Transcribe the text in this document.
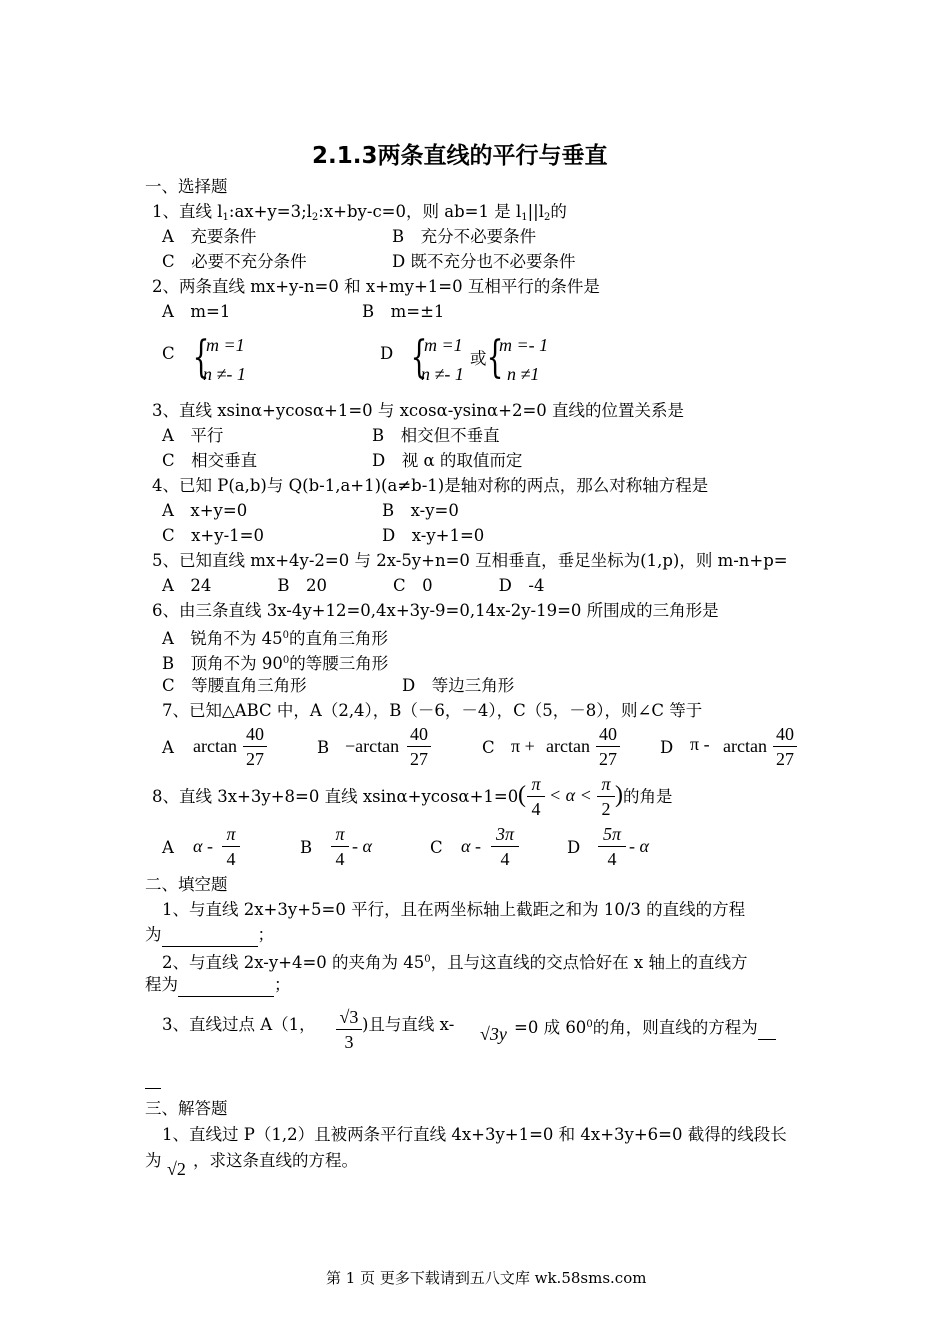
2.1.3两条直线的平行与垂直
一、选择题
1、直线 $l_1:ax+y=3;l_2:x+by-c=0$，则 ab=1 是 $l_1||l_2$的
A　充要条件	B　充分不必要条件
C　必要不充分条件	D 既不充分也不必要条件
2、两条直线 mx+y-n=0 和 x+my+1=0 互相平行的条件是
A　m=1	B　m=±1
C {
m =1
n ≠- 1
D {
m =1
n ≠- 1
或 {
m =- 1
n ≠1
3、直线 xsinα+ycosα+1=0 与 xcosα-ysinα+2=0 直线的位置关系是
A　平行	B　相交但不垂直
C　相交垂直	D　视 α 的取值而定
4、已知 P(a,b)与 Q(b-1,a+1)(a≠b-1)是轴对称的两点，那么对称轴方程是
A　x+y=0	B　x-y=0
C　x+y-1=0	D　x-y+1=0
5、已知直线 mx+4y-2=0 与 2x-5y+n=0 互相垂直，垂足坐标为(1,p)，则 m-n+p=
A　24　　　　B　20　　　　C　0　　　　D　-4
6、由三条直线 3x-4y+12=0,4x+3y-9=0,14x-2y-19=0 所围成的三角形是
A　锐角不为 $45^0$的直角三角形
B　顶角不为 $90^0$的等腰三角形
C　等腰直角三角形	D　等边三角形
7、已知△ABC 中，A（2,4），B（－6，－4），C（5，－8），则∠C 等于
A arctan
40
27
B −arctan
40
27
C π + arctan
40
27
D π - arctan
40
27
8、直线 3x+3y+8=0 直线 xsinα+ycosα+1=0 ( π
4
< α <
π
2
) 的角是
A α -
π
4
B
π
4
- α	C α -
3π
4
D
5π
4
- α
二、填空题
1、与直线 2x+3y+5=0 平行，且在两坐标轴上截距之和为 10/3 的直线的方程
为	；
2、与直线 2x-y+4=0 的夹角为 $45^0$，且与这直线的交点恰好在 x 轴上的直线方
程为	；
3、直线过点 A（1， √3
3
)且与直线 x- √3y =0 成 $60^0$的角，则直线的方程为
三、解答题
1、直线过 P（1,2）且被两条平行直线 4x+3y+1=0 和 4x+3y+6=0 截得的线段长
为 √2 ，求这条直线的方程。
第 1 页 更多下载请到五八文库 wk.58sms.com
